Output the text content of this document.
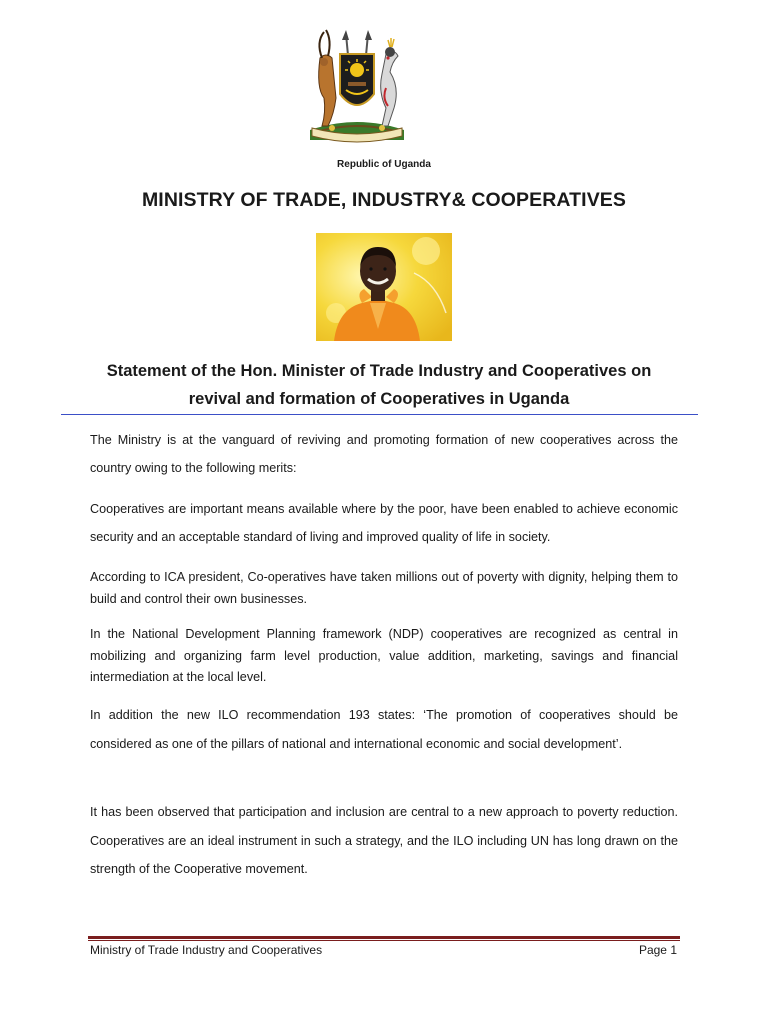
Republic of Uganda
MINISTRY OF TRADE, INDUSTRY& COOPERATIVES
Statement of the Hon. Minister of Trade Industry and Cooperatives on
revival and formation of Cooperatives in Uganda

The Ministry is at the vanguard of reviving and promoting formation of new cooperatives across the country owing to the following merits:

Cooperatives are important means available where by the poor, have been enabled to achieve economic security and an acceptable standard of living and improved quality of life in society.

According to ICA president, Co-operatives have taken millions out of poverty with dignity, helping them to build and control their own businesses.

In the National Development Planning framework (NDP) cooperatives are recognized as central in mobilizing and organizing farm level production, value addition, marketing, savings and financial intermediation at the local level.

In addition the new ILO recommendation 193 states: ‘The promotion of cooperatives should be considered as one of the pillars of national and international economic and social development’.

It has been observed that participation and inclusion are central to a new approach to poverty reduction. Cooperatives are an ideal instrument in such a strategy, and the ILO including UN has long drawn on the strength of the Cooperative movement.

Ministry of Trade Industry and Cooperatives	Page 1
